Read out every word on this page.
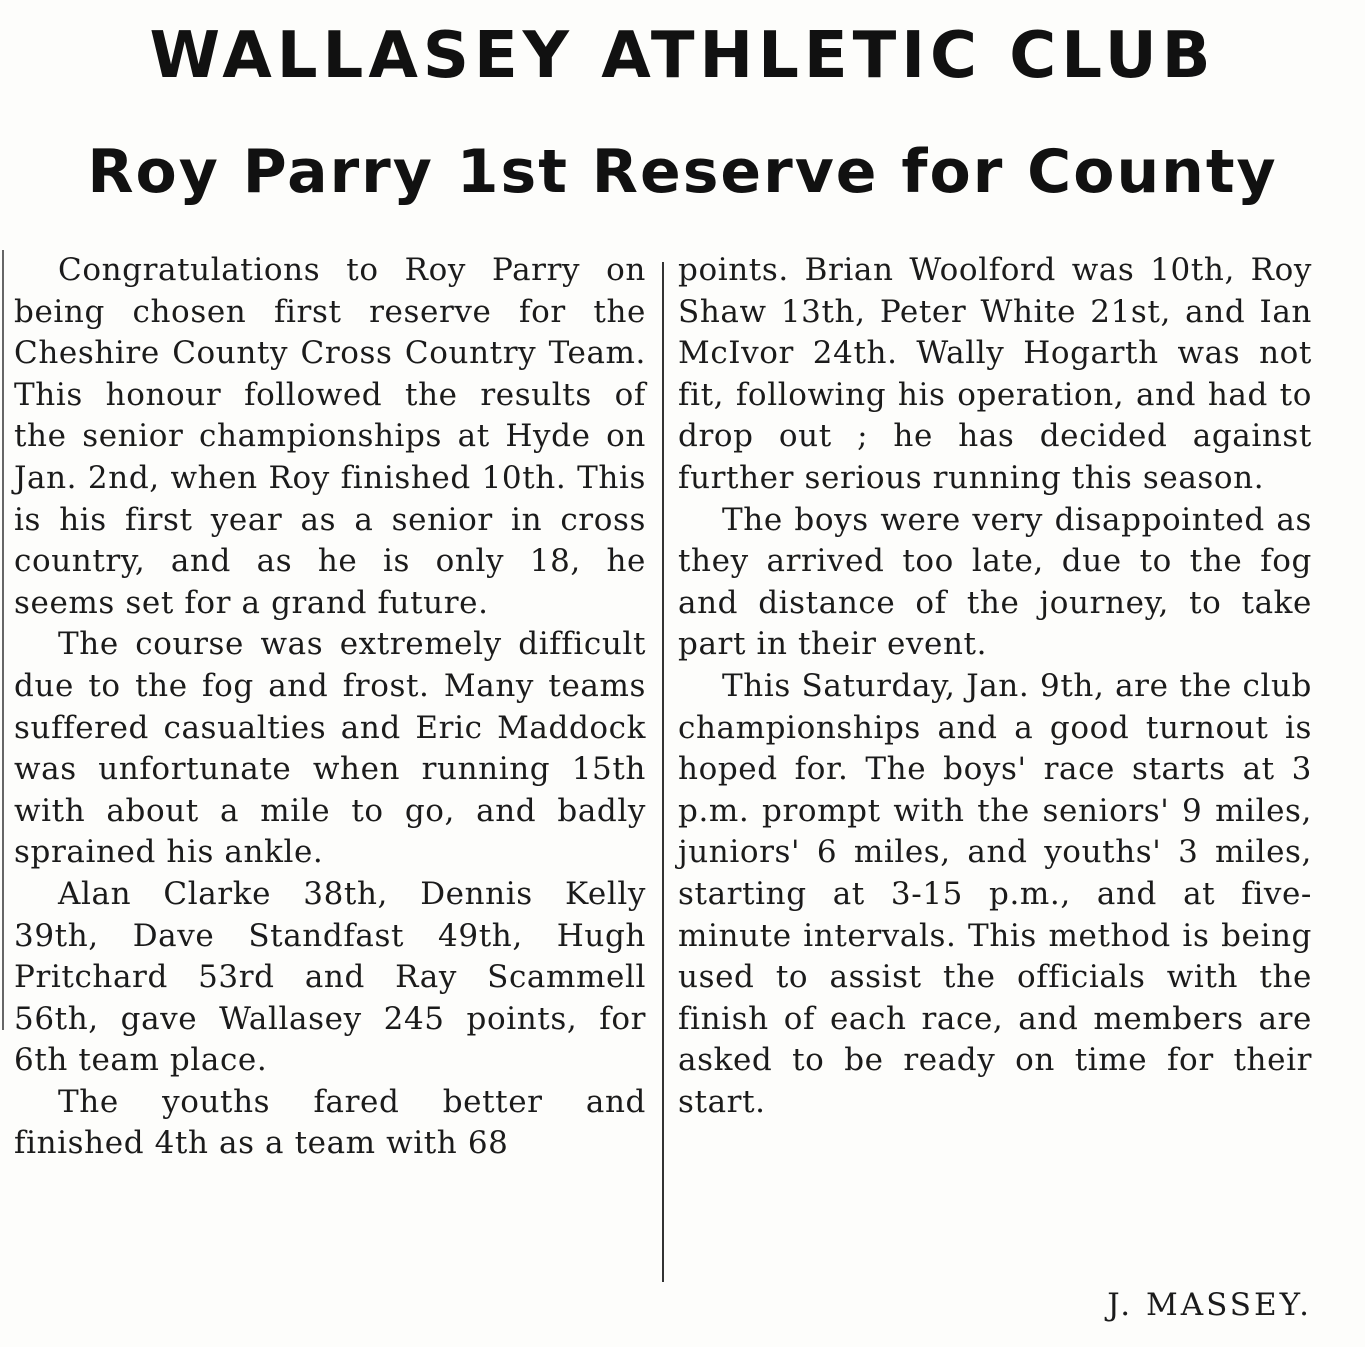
WALLASEY ATHLETIC CLUB
Roy Parry 1st Reserve for County

Congratulations to Roy Parry on being chosen first reserve for the Cheshire County Cross Country Team. This honour followed the results of the senior championships at Hyde on Jan. 2nd, when Roy finished 10th. This is his first year as a senior in cross country, and as he is only 18, he seems set for a grand future.

The course was extremely difficult due to the fog and frost. Many teams suffered casualties and Eric Maddock was unfortunate when running 15th with about a mile to go, and badly sprained his ankle.

Alan Clarke 38th, Dennis Kelly 39th, Dave Standfast 49th, Hugh Pritchard 53rd and Ray Scammell 56th, gave Wallasey 245 points, for 6th team place.

The youths fared better and finished 4th as a team with 68

points. Brian Woolford was 10th, Roy Shaw 13th, Peter White 21st, and Ian McIvor 24th. Wally Hogarth was not fit, following his operation, and had to drop out ; he has decided against further serious running this season.

The boys were very disappointed as they arrived too late, due to the fog and distance of the journey, to take part in their event.

This Saturday, Jan. 9th, are the club championships and a good turnout is hoped for. The boys' race starts at 3 p.m. prompt with the seniors' 9 miles, juniors' 6 miles, and youths' 3 miles, starting at 3-15 p.m., and at five-minute intervals. This method is being used to assist the officials with the finish of each race, and members are asked to be ready on time for their start.

J. MASSEY.
